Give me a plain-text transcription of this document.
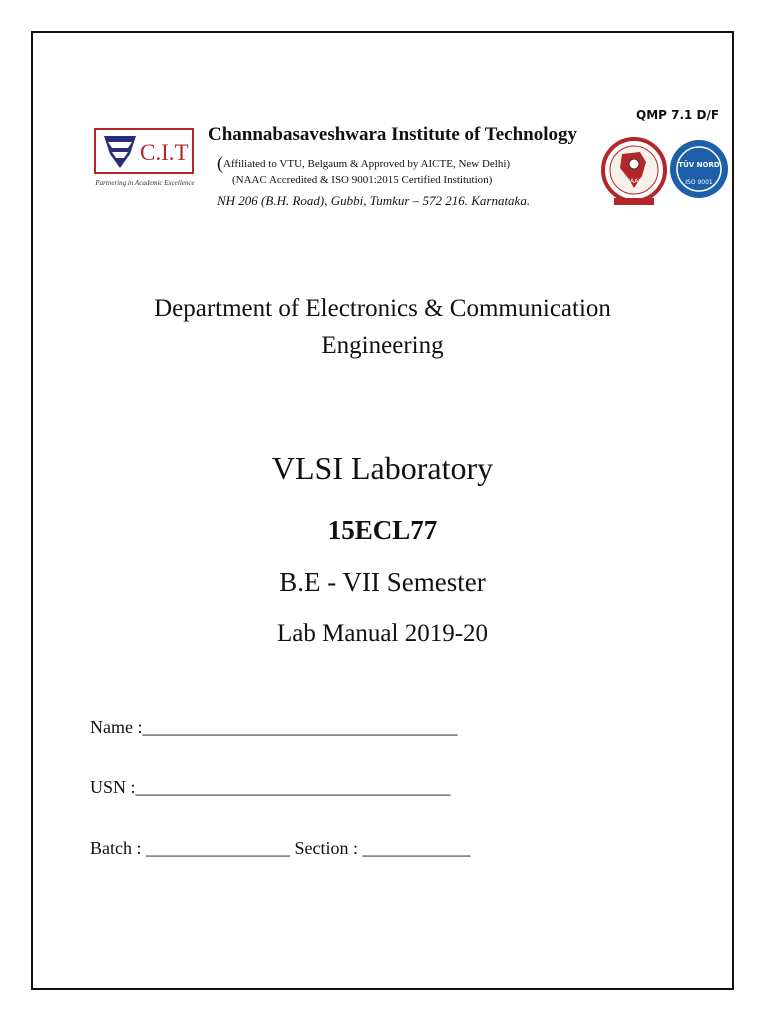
QMP 7.1 D/F
C.I.T
Partnering in Academic Excellence
Channabasaveshwara Institute of Technology
(Affiliated to VTU, Belgaum & Approved by AICTE, New Delhi)
(NAAC Accredited & ISO 9001:2015 Certified Institution)
NH 206 (B.H. Road), Gubbi, Tumkur – 572 216. Karnataka.
NAAC
TÜV NORD
ISO 9001
Department of Electronics & Communication
Engineering
VLSI Laboratory
15ECL77
B.E - VII Semester
Lab Manual 2019-20
Name :___________________________________
USN :___________________________________
Batch : ________________ Section : ____________
